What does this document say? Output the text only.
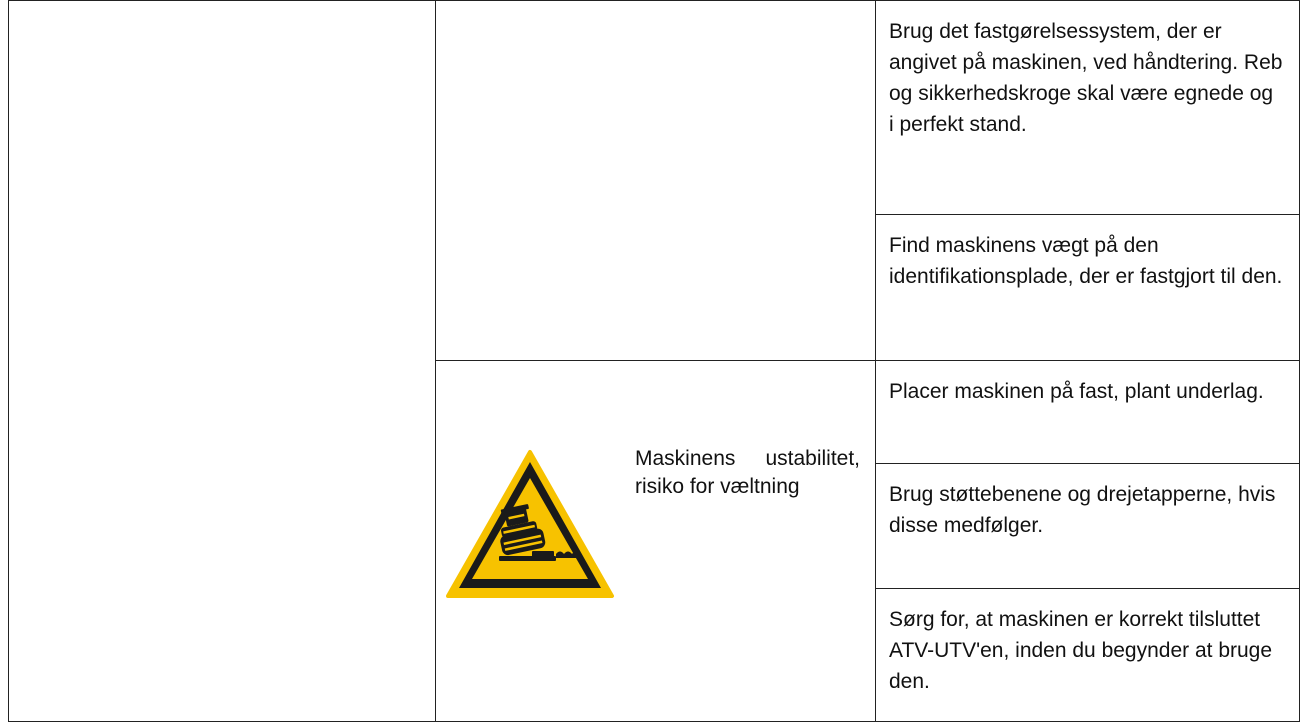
		Brug det fastgørelsessystem, der er angivet på maskinen, ved håndtering. Reb og sikkerhedskroge skal være egnede og i perfekt stand.

		Find maskinens vægt på den identifikationsplade, der er fastgjort til den.

	Maskinens ustabilitet, risiko for væltning	Placer maskinen på fast, plant underlag.

		Brug støttebenene og drejetapperne, hvis disse medfølger.

		Sørg for, at maskinen er korrekt tilsluttet ATV-UTV'en, inden du begynder at bruge den.
